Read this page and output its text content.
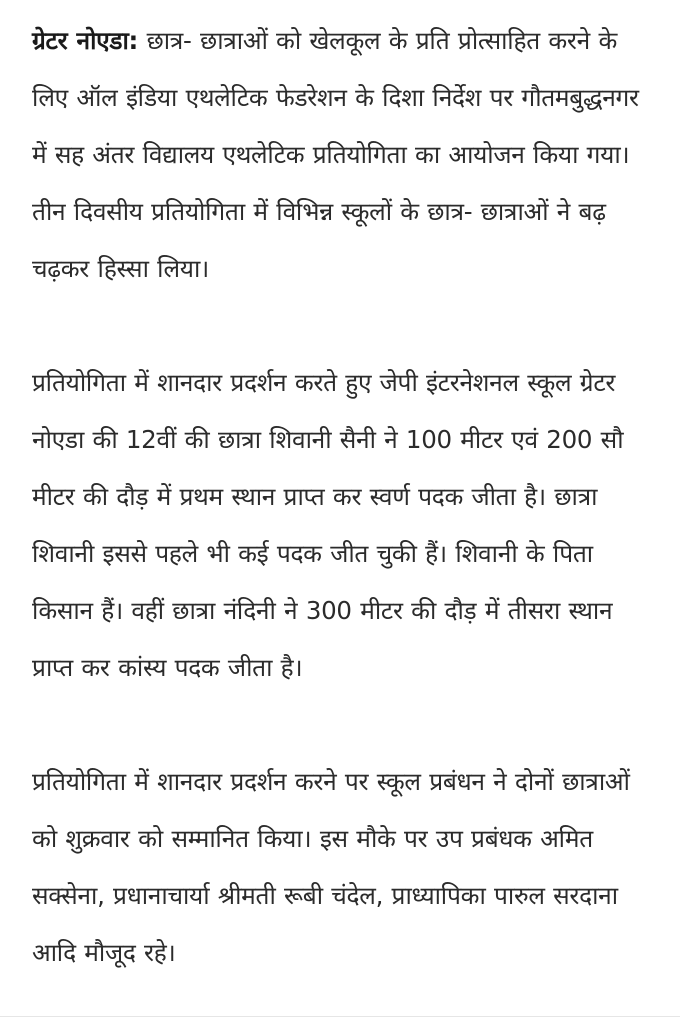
ग्रेटर नोएडा: छात्र- छात्राओं को खेलकूल के प्रति प्रोत्साहित करने के लिए ऑल इंडिया एथलेटिक फेडरेशन के दिशा निर्देश पर गौतमबुद्धनगर में सह अंतर विद्यालय एथलेटिक प्रतियोगिता का आयोजन किया गया। तीन दिवसीय प्रतियोगिता में विभिन्न स्कूलों के छात्र- छात्राओं ने बढ़ चढ़कर हिस्सा लिया।

प्रतियोगिता में शानदार प्रदर्शन करते हुए जेपी इंटरनेशनल स्कूल ग्रेटर नोएडा की 12वीं की छात्रा शिवानी सैनी ने 100 मीटर एवं 200 सौ मीटर की दौड़ में प्रथम स्थान प्राप्त कर स्वर्ण पदक जीता है। छात्रा शिवानी इससे पहले भी कई पदक जीत चुकी हैं। शिवानी के पिता किसान हैं। वहीं छात्रा नंदिनी ने 300 मीटर की दौड़ में तीसरा स्थान प्राप्त कर कांस्य पदक जीता है।

प्रतियोगिता में शानदार प्रदर्शन करने पर स्कूल प्रबंधन ने दोनों छात्राओं को शुक्रवार को सम्मानित किया। इस मौके पर उप प्रबंधक अमित सक्सेना, प्रधानाचार्या श्रीमती रूबी चंदेल, प्राध्यापिका पारुल सरदाना आदि मौजूद रहे।
